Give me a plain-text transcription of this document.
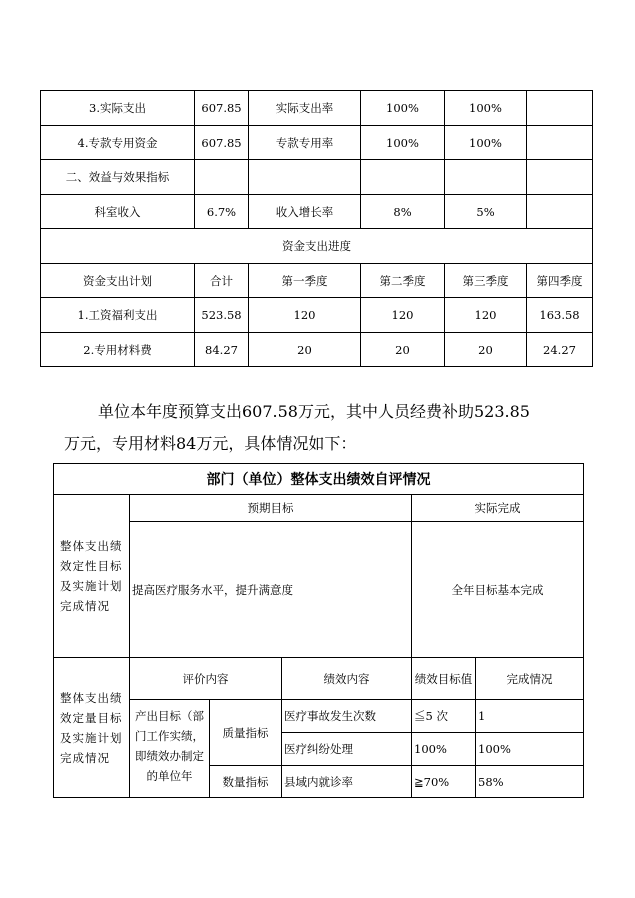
3.实际支出	607.85	实际支出率	100%	100%	
4.专款专用资金	607.85	专款专用率	100%	100%	
二、效益与效果指标					
科室收入	6.7%	收入增长率	8%	5%	
资金支出进度					
资金支出计划	合计	第一季度	第二季度	第三季度	第四季度
1.工资福利支出	523.58	120	120	120	163.58
2.专用材料费	84.27	20	20	20	24.27
单位本年度预算支出607.58万元，其中人员经费补助523.85
万元，专用材料84万元，具体情况如下：
部门（单位）整体支出绩效自评情况					
整体支出绩效定性目标及实施计划完成情况	预期目标			实际完成	
	提高医疗服务水平，提升满意度			全年目标基本完成	
整体支出绩效定量目标及实施计划完成情况	评价内容		绩效内容	绩效目标值	完成情况
	产出目标（部门工作实绩，即绩效办制定的单位年	质量指标	医疗事故发生次数	≦5 次	1
			医疗纠纷处理	100%	100%
		数量指标	县域内就诊率	≧70%	58%
